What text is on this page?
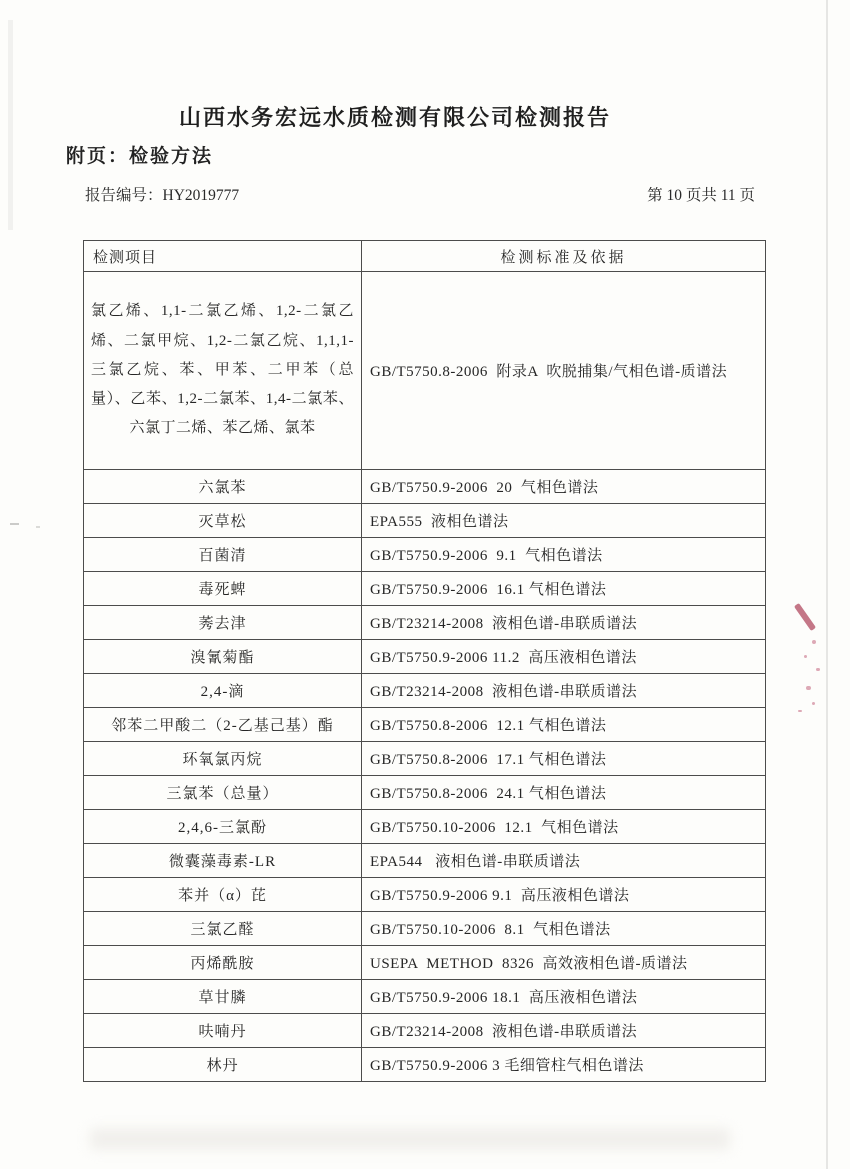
山西水务宏远水质检测有限公司检测报告
附页：检验方法
报告编号：HY2019777	第 10 页共 11 页
检测项目	检测标准及依据
氯乙烯、1,1-二氯乙烯、1,2-二氯乙烯、二氯甲烷、1,2-二氯乙烷、1,1,1-三氯乙烷、苯、甲苯、二甲苯（总量）、乙苯、1,2-二氯苯、1,4-二氯苯、六氯丁二烯、苯乙烯、氯苯	GB/T5750.8-2006  附录A  吹脱捕集/气相色谱-质谱法
六氯苯	GB/T5750.9-2006  20  气相色谱法
灭草松	EPA555  液相色谱法
百菌清	GB/T5750.9-2006  9.1  气相色谱法
毒死蜱	GB/T5750.9-2006  16.1 气相色谱法
莠去津	GB/T23214-2008  液相色谱-串联质谱法
溴氰菊酯	GB/T5750.9-2006 11.2  高压液相色谱法
2,4-滴	GB/T23214-2008  液相色谱-串联质谱法
邻苯二甲酸二（2-乙基己基）酯	GB/T5750.8-2006  12.1 气相色谱法
环氧氯丙烷	GB/T5750.8-2006  17.1 气相色谱法
三氯苯（总量）	GB/T5750.8-2006  24.1 气相色谱法
2,4,6-三氯酚	GB/T5750.10-2006  12.1  气相色谱法
微囊藻毒素-LR	EPA544   液相色谱-串联质谱法
苯并（α）芘	GB/T5750.9-2006 9.1  高压液相色谱法
三氯乙醛	GB/T5750.10-2006  8.1  气相色谱法
丙烯酰胺	USEPA  METHOD  8326  高效液相色谱-质谱法
草甘膦	GB/T5750.9-2006 18.1  高压液相色谱法
呋喃丹	GB/T23214-2008  液相色谱-串联质谱法
林丹	GB/T5750.9-2006 3 毛细管柱气相色谱法
